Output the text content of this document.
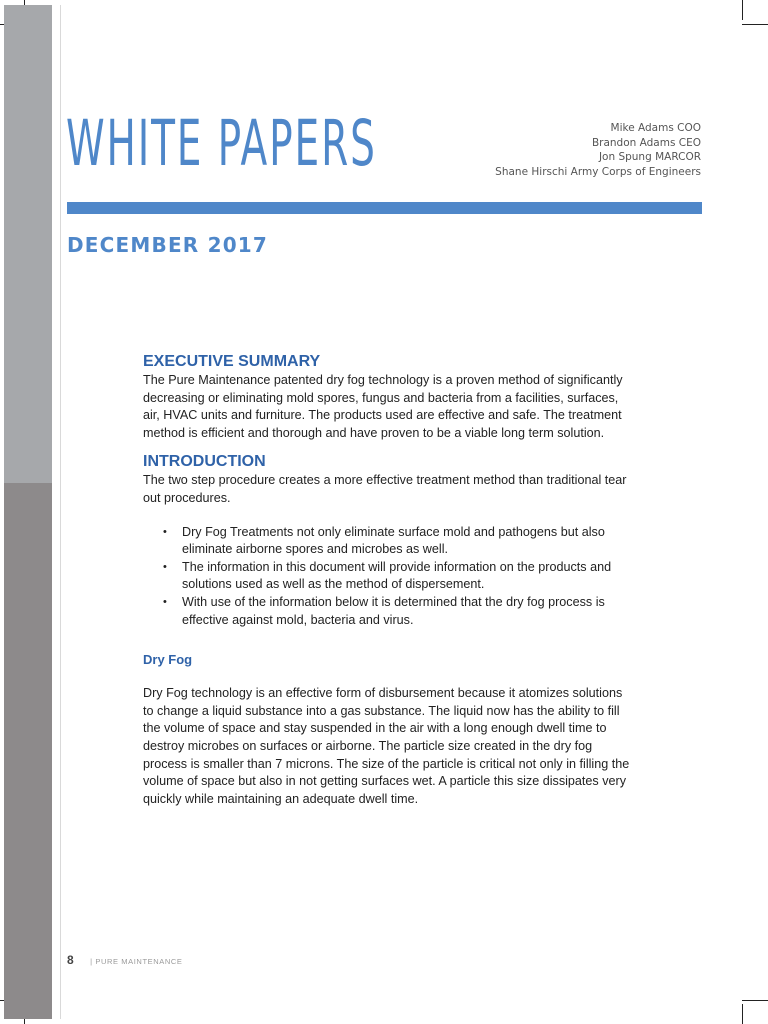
WHITE PAPERS	Mike Adams COO
Brandon Adams CEO
Jon Spung MARCOR
Shane Hirschi Army Corps of Engineers
DECEMBER 2017
EXECUTIVE SUMMARY

The Pure Maintenance patented dry fog technology is a proven method of significantly decreasing or eliminating mold spores, fungus and bacteria from a facilities, surfaces, air, HVAC units and furniture. The products used are effective and safe. The treatment method is efficient and thorough and have proven to be a viable long term solution.

INTRODUCTION

The two step procedure creates a more effective treatment method than traditional tear out procedures.

• Dry Fog Treatments not only eliminate surface mold and pathogens but also eliminate airborne spores and microbes as well.
• The information in this document will provide information on the products and solutions used as well as the method of dispersement.
• With use of the information below it is determined that the dry fog process is effective against mold, bacteria and virus.
Dry Fog

Dry Fog technology is an effective form of disbursement because it atomizes solutions to change a liquid substance into a gas substance. The liquid now has the ability to fill the volume of space and stay suspended in the air with a long enough dwell time to destroy microbes on surfaces or airborne. The particle size created in the dry fog process is smaller than 7 microns. The size of the particle is critical not only in filling the volume of space but also in not getting surfaces wet. A particle this size dissipates very quickly while maintaining an adequate dwell time.

8 | PURE MAINTENANCE
